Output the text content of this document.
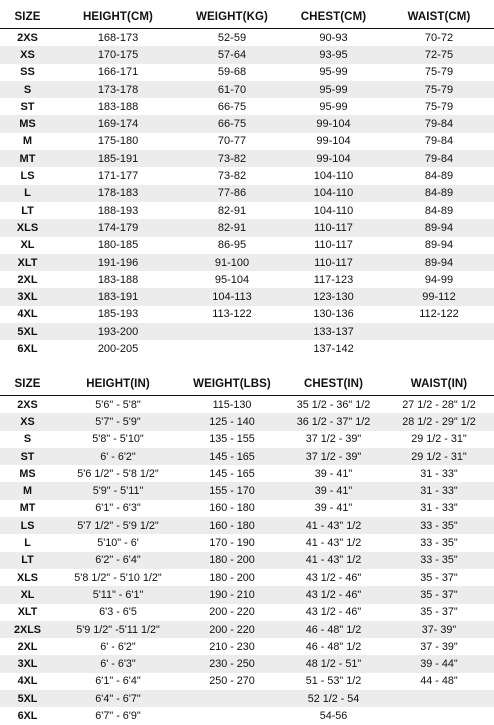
SIZE	HEIGHT(CM)	WEIGHT(KG)	CHEST(CM)	WAIST(CM)
2XS	168-173	52-59	90-93	70-72
XS	170-175	57-64	93-95	72-75
SS	166-171	59-68	95-99	75-79
S	173-178	61-70	95-99	75-79
ST	183-188	66-75	95-99	75-79
MS	169-174	66-75	99-104	79-84
M	175-180	70-77	99-104	79-84
MT	185-191	73-82	99-104	79-84
LS	171-177	73-82	104-110	84-89
L	178-183	77-86	104-110	84-89
LT	188-193	82-91	104-110	84-89
XLS	174-179	82-91	110-117	89-94
XL	180-185	86-95	110-117	89-94
XLT	191-196	91-100	110-117	89-94
2XL	183-188	95-104	117-123	94-99
3XL	183-191	104-113	123-130	99-112
4XL	185-193	113-122	130-136	112-122
5XL	193-200		133-137	
6XL	200-205		137-142	
SIZE	HEIGHT(IN)	WEIGHT(LBS)	CHEST(IN)	WAIST(IN)
2XS	5'6" - 5'8"	115-130	35 1/2 - 36" 1/2	27 1/2 - 28" 1/2
XS	5'7" - 5'9"	125 - 140	36 1/2 - 37" 1/2	28 1/2 - 29" 1/2
S	5'8" - 5'10"	135 - 155	37 1/2 - 39"	29 1/2 - 31"
ST	6' - 6'2"	145 - 165	37 1/2 - 39"	29 1/2 - 31"
MS	5'6 1/2" - 5'8 1/2"	145 - 165	39 - 41"	31 - 33"
M	5'9" - 5'11"	155 - 170	39 - 41"	31 - 33"
MT	6'1" - 6'3"	160 - 180	39 - 41"	31 - 33"
LS	5'7 1/2" - 5'9 1/2"	160 - 180	41 - 43" 1/2	33 - 35"
L	5'10" - 6'	170 - 190	41 - 43" 1/2	33 - 35"
LT	6'2" - 6'4"	180 - 200	41 - 43" 1/2	33 - 35"
XLS	5'8 1/2" - 5'10 1/2"	180 - 200	43 1/2 - 46"	35 - 37"
XL	5'11" - 6'1"	190 - 210	43 1/2 - 46"	35 - 37"
XLT	6'3 - 6'5	200 - 220	43 1/2 - 46"	35 - 37"
2XLS	5'9 1/2" -5'11 1/2"	200 - 220	46 - 48" 1/2	37- 39"
2XL	6' - 6'2"	210 - 230	46 - 48" 1/2	37 - 39"
3XL	6' - 6'3"	230 - 250	48 1/2 - 51"	39 - 44"
4XL	6'1" - 6'4"	250 - 270	51 - 53" 1/2	44 - 48"
5XL	6'4" - 6'7"		52 1/2 - 54	
6XL	6'7" - 6'9"		54-56	
